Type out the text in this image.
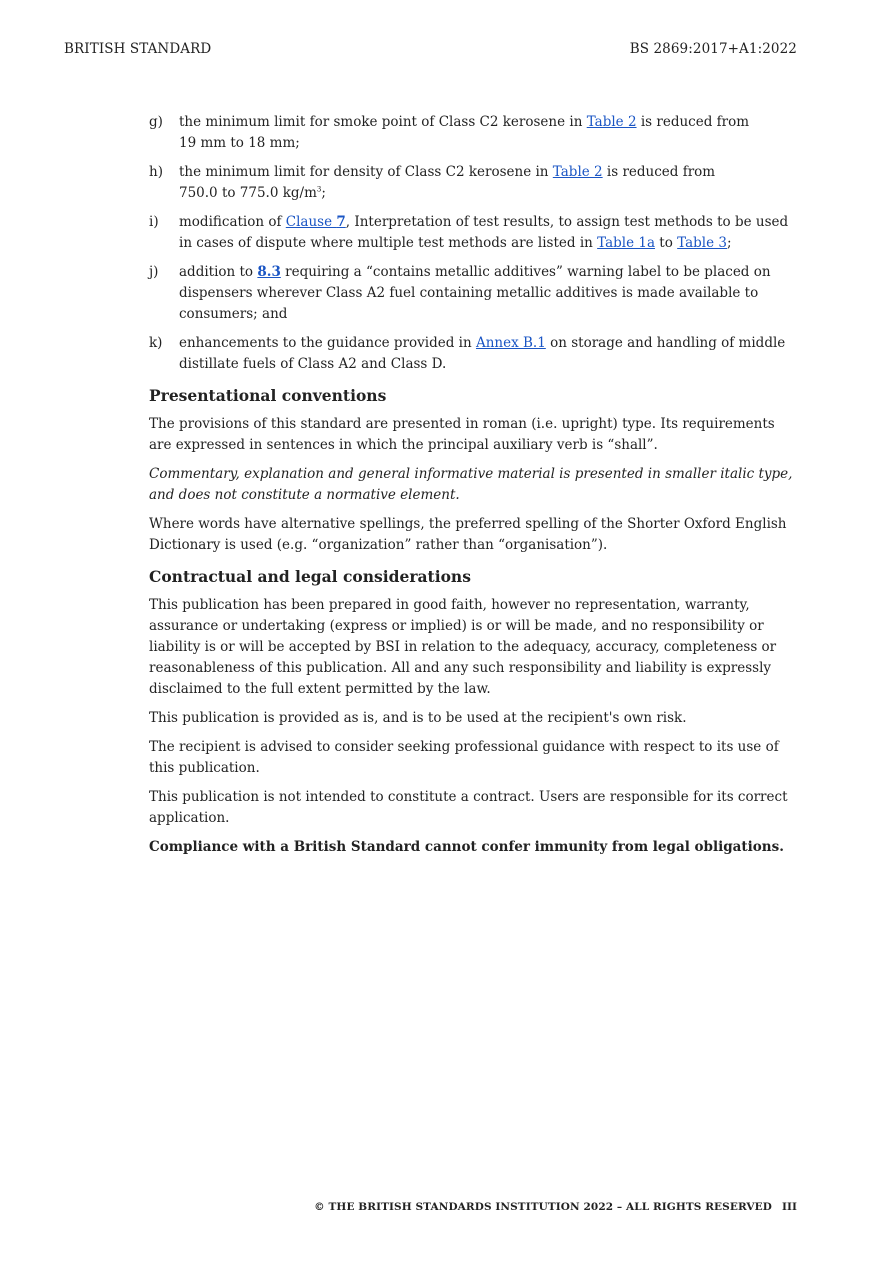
BRITISH STANDARD	BS 2869:2017+A1:2022
g) the minimum limit for smoke point of Class C2 kerosene in Table 2 is reduced from
19 mm to 18 mm;
h) the minimum limit for density of Class C2 kerosene in Table 2 is reduced from
750.0 to 775.0 $kg/m^3$;
i) modification of Clause 7, Interpretation of test results, to assign test methods to be used in cases of dispute where multiple test methods are listed in Table 1a to Table 3;
j) addition to 8.3 requiring a “contains metallic additives” warning label to be placed on dispensers wherever Class A2 fuel containing metallic additives is made available to consumers; and
k) enhancements to the guidance provided in Annex B.1 on storage and handling of middle distillate fuels of Class A2 and Class D.
Presentational conventions

The provisions of this standard are presented in roman (i.e. upright) type. Its requirements are expressed in sentences in which the principal auxiliary verb is “shall”.

Commentary, explanation and general informative material is presented in smaller italic type, and does not constitute a normative element.

Where words have alternative spellings, the preferred spelling of the Shorter Oxford English Dictionary is used (e.g. “organization” rather than “organisation”).

Contractual and legal considerations

This publication has been prepared in good faith, however no representation, warranty, assurance or undertaking (express or implied) is or will be made, and no responsibility or liability is or will be accepted by BSI in relation to the adequacy, accuracy, completeness or reasonableness of this publication. All and any such responsibility and liability is expressly disclaimed to the full extent permitted by the law.

This publication is provided as is, and is to be used at the recipient's own risk.

The recipient is advised to consider seeking professional guidance with respect to its use of this publication.

This publication is not intended to constitute a contract. Users are responsible for its correct application.

Compliance with a British Standard cannot confer immunity from legal obligations.

© THE BRITISH STANDARDS INSTITUTION 2022 – ALL RIGHTS RESERVED III
